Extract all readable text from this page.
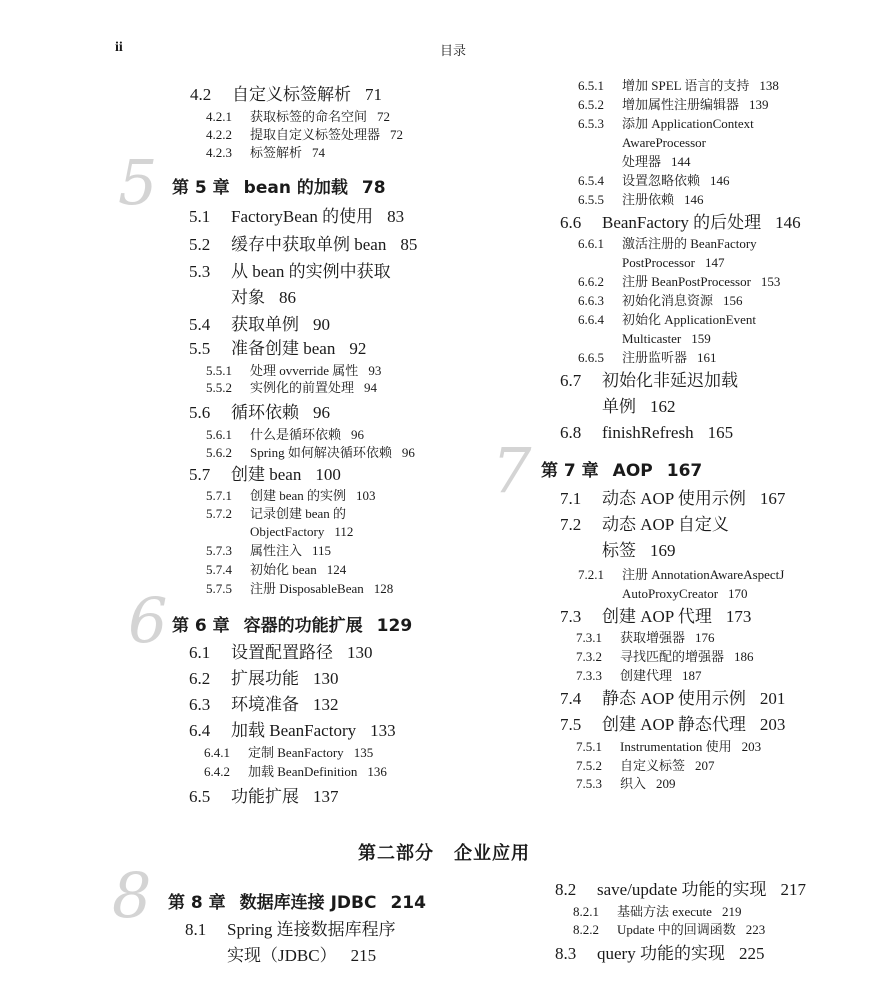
ii	目录
5
6
7
8
4.2 自定义标签解析 71
4.2.1 获取标签的命名空间 72
4.2.2 提取自定义标签处理器 72
4.2.3 标签解析 74
第 5 章 bean 的加载 78
5.1 FactoryBean 的使用 83
5.2 缓存中获取单例 bean 85
5.3 从 bean 的实例中获取
对象 86
5.4 获取单例 90
5.5 准备创建 bean 92
5.5.1 处理 ovverride 属性 93
5.5.2 实例化的前置处理 94
5.6 循环依赖 96
5.6.1 什么是循环依赖 96
5.6.2 Spring 如何解决循环依赖 96
5.7 创建 bean 100
5.7.1 创建 bean 的实例 103
5.7.2 记录创建 bean 的
ObjectFactory 112
5.7.3 属性注入 115
5.7.4 初始化 bean 124
5.7.5 注册 DisposableBean 128
第 6 章 容器的功能扩展 129
6.1 设置配置路径 130
6.2 扩展功能 130
6.3 环境准备 132
6.4 加载 BeanFactory 133
6.4.1 定制 BeanFactory 135
6.4.2 加载 BeanDefinition 136
6.5 功能扩展 137
6.5.1 增加 SPEL 语言的支持 138
6.5.2 增加属性注册编辑器 139
6.5.3 添加 ApplicationContext
AwareProcessor
处理器 144
6.5.4 设置忽略依赖 146
6.5.5 注册依赖 146
6.6 BeanFactory 的后处理 146
6.6.1 激活注册的 BeanFactory
PostProcessor 147
6.6.2 注册 BeanPostProcessor 153
6.6.3 初始化消息资源 156
6.6.4 初始化 ApplicationEvent
Multicaster 159
6.6.5 注册监听器 161
6.7 初始化非延迟加载
单例 162
6.8 finishRefresh 165
第 7 章 AOP 167
7.1 动态 AOP 使用示例 167
7.2 动态 AOP 自定义
标签 169
7.2.1 注册 AnnotationAwareAspectJ
AutoProxyCreator 170
7.3 创建 AOP 代理 173
7.3.1 获取增强器 176
7.3.2 寻找匹配的增强器 186
7.3.3 创建代理 187
7.4 静态 AOP 使用示例 201
7.5 创建 AOP 静态代理 203
7.5.1 Instrumentation 使用 203
7.5.2 自定义标签 207
7.5.3 织入 209
第二部分 企业应用
第 8 章 数据库连接 JDBC 214
8.1 Spring 连接数据库程序
实现（JDBC） 215
8.2 save/update 功能的实现 217
8.2.1 基础方法 execute 219
8.2.2 Update 中的回调函数 223
8.3 query 功能的实现 225
